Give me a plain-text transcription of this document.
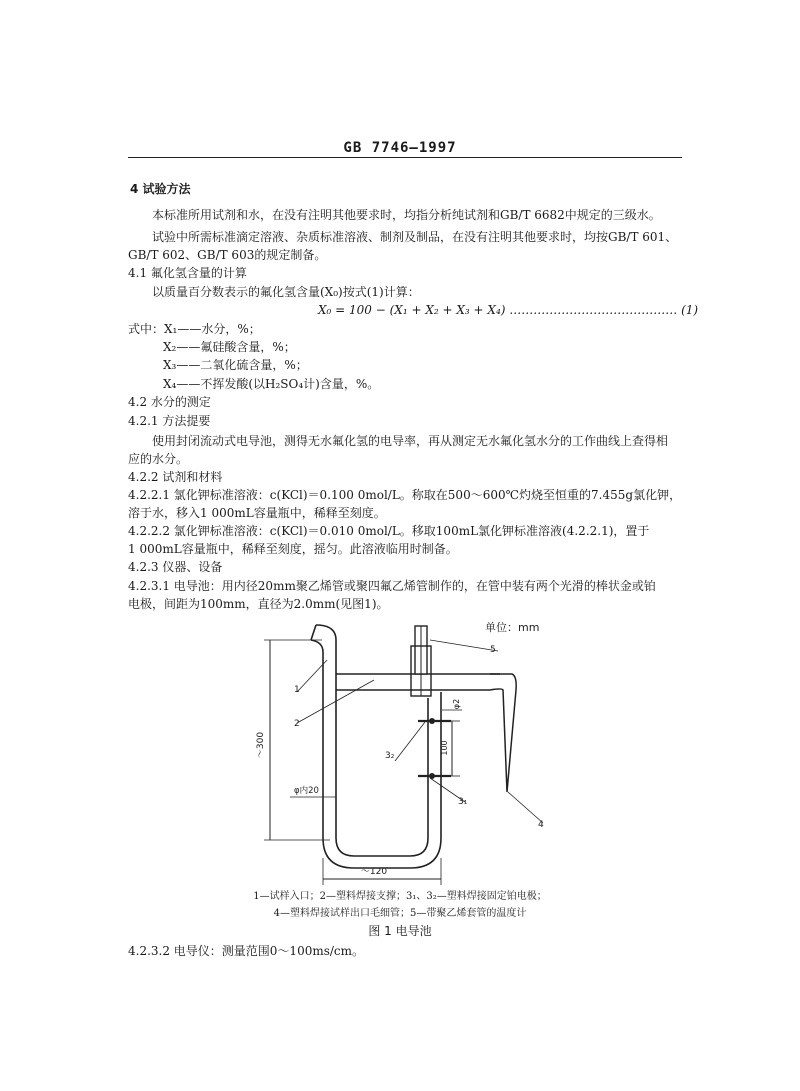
GB 7746—1997
4 试验方法
本标准所用试剂和水，在没有注明其他要求时，均指分析纯试剂和GB/T 6682中规定的三级水。
试验中所需标准滴定溶液、杂质标准溶液、制剂及制品，在没有注明其他要求时，均按GB/T 601、
GB/T 602、GB/T 603的规定制备。
4.1 氟化氢含量的计算
以质量百分数表示的氟化氢含量(X₀)按式(1)计算：
X₀ = 100 − (X₁ + X₂ + X₃ + X₄) …………………………………… (1)
式中：X₁——水分，%；
X₂——氟硅酸含量，%；
X₃——二氧化硫含量，%；
X₄——不挥发酸(以H₂SO₄计)含量，%。
4.2 水分的测定
4.2.1 方法提要
使用封闭流动式电导池，测得无水氟化氢的电导率，再从测定无水氟化氢水分的工作曲线上查得相
应的水分。
4.2.2 试剂和材料
4.2.2.1 氯化钾标准溶液：c(KCl)＝0.100 0mol/L。称取在500～600℃灼烧至恒重的7.455g氯化钾，
溶于水，移入1 000mL容量瓶中，稀释至刻度。
4.2.2.2 氯化钾标准溶液：c(KCl)＝0.010 0mol/L。移取100mL氯化钾标准溶液(4.2.2.1)，置于
1 000mL容量瓶中，稀释至刻度，摇匀。此溶液临用时制备。
4.2.3 仪器、设备
4.2.3.1 电导池：用内径20mm聚乙烯管或聚四氟乙烯管制作的，在管中装有两个光滑的棒状金或铂
电极，间距为100mm，直径为2.0mm(见图1)。
单位：mm
～300
～120
φ内20
φ2
100
1
2
3₂
3₁
4
5
1—试样入口；2—塑料焊接支撑；3₁、3₂—塑料焊接固定铂电极；
4—塑料焊接试样出口毛细管；5—带聚乙烯套管的温度计
图 1 电导池
4.2.3.2 电导仪：测量范围0～100ms/cm。
